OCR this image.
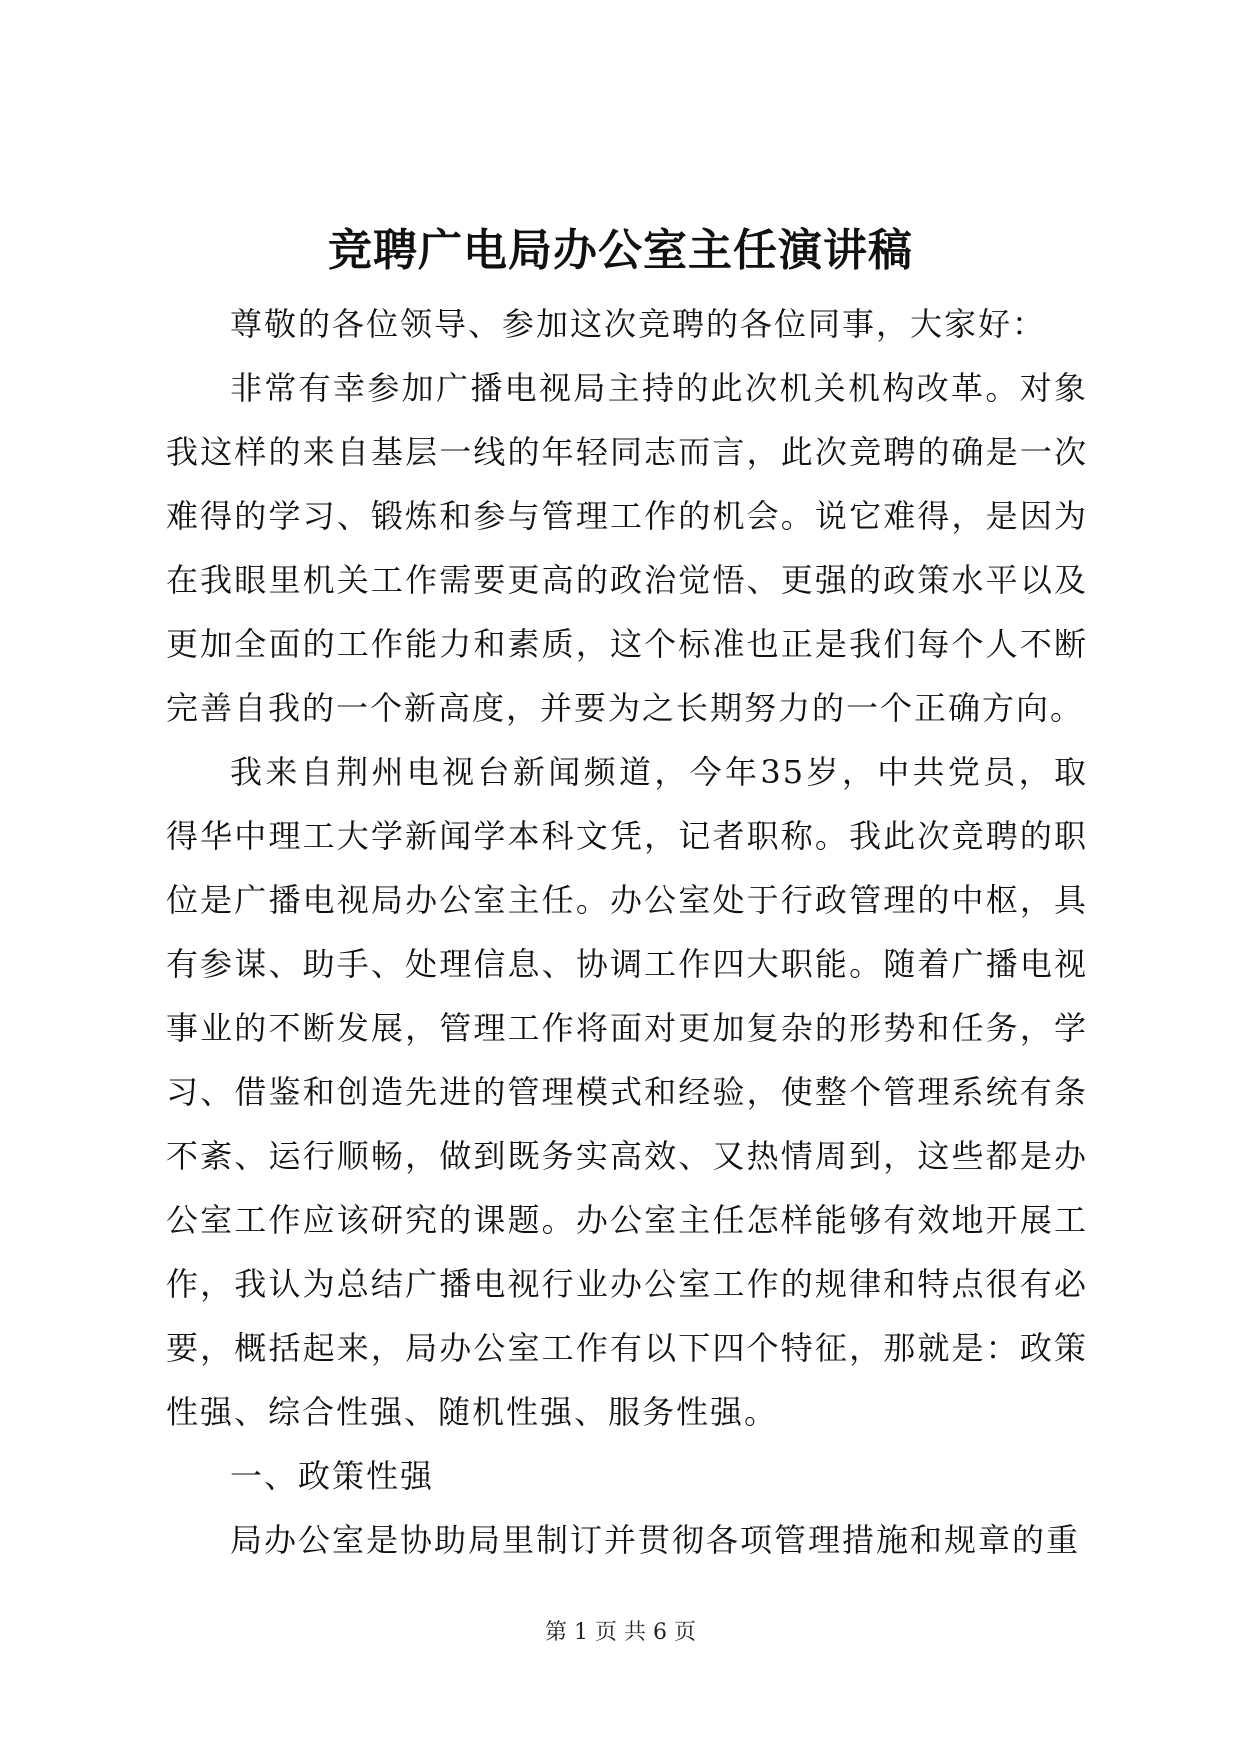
竞聘广电局办公室主任演讲稿

尊敬的各位领导、参加这次竞聘的各位同事，大家好：

非常有幸参加广播电视局主持的此次机关机构改革。对象我这样的来自基层一线的年轻同志而言，此次竞聘的确是一次难得的学习、锻炼和参与管理工作的机会。说它难得，是因为在我眼里机关工作需要更高的政治觉悟、更强的政策水平以及更加全面的工作能力和素质，这个标准也正是我们每个人不断完善自我的一个新高度，并要为之长期努力的一个正确方向。

我来自荆州电视台新闻频道，今年35岁，中共党员，取得华中理工大学新闻学本科文凭，记者职称。我此次竞聘的职位是广播电视局办公室主任。办公室处于行政管理的中枢，具有参谋、助手、处理信息、协调工作四大职能。随着广播电视事业的不断发展，管理工作将面对更加复杂的形势和任务，学习、借鉴和创造先进的管理模式和经验，使整个管理系统有条不紊、运行顺畅，做到既务实高效、又热情周到，这些都是办公室工作应该研究的课题。办公室主任怎样能够有效地开展工作，我认为总结广播电视行业办公室工作的规律和特点很有必要，概括起来，局办公室工作有以下四个特征，那就是：政策性强、综合性强、随机性强、服务性强。

一、政策性强

局办公室是协助局里制订并贯彻各项管理措施和规章的重

第 1 页 共 6 页
